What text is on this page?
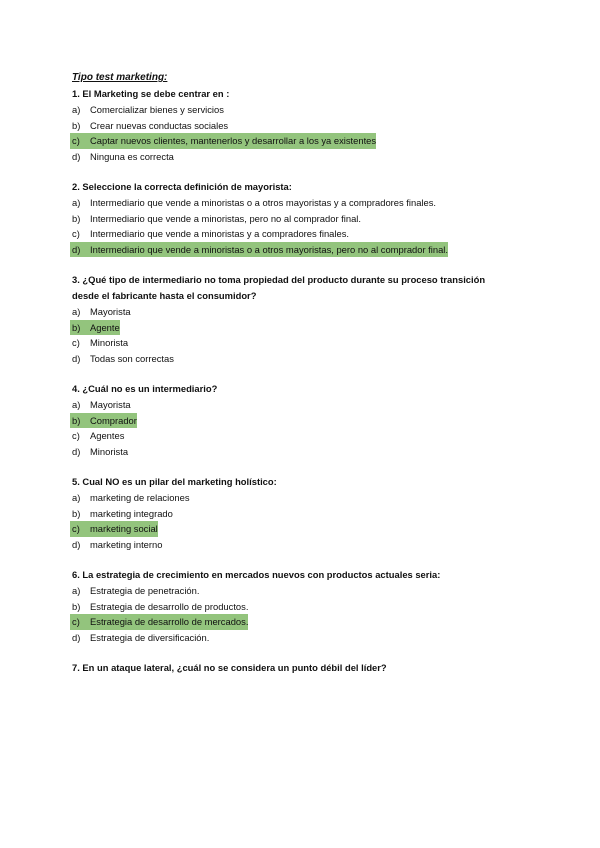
Tipo test marketing:

1. El Marketing se debe centrar en :

a) Comercializar bienes y servicios
b) Crear nuevas conductas sociales
c)	Captar nuevos clientes, mantenerlos y desarrollar a los ya existentes
d) Ninguna es correcta

2. Seleccione la correcta definición de mayorista:

a) Intermediario que vende a minoristas o a otros mayoristas y a compradores finales.
b) Intermediario que vende a minoristas, pero no al comprador final.
c) Intermediario que vende a minoristas y a compradores finales.
d)	Intermediario que vende a minoristas o a otros mayoristas, pero no al comprador final.

3. ¿Qué tipo de intermediario no toma propiedad del producto durante su proceso transición

desde el fabricante hasta el consumidor?

a) Mayorista
b)	Agente
c) Minorista
d) Todas son correctas

4. ¿Cuál no es un intermediario?

a) Mayorista
b)	Comprador
c) Agentes
d) Minorista

5. Cual NO es un pilar del marketing holístico:

a) marketing de relaciones
b) marketing integrado
c)	marketing social
d) marketing interno

6. La estrategia de crecimiento en mercados nuevos con productos actuales seria:

a) Estrategia de penetración.
b) Estrategia de desarrollo de productos.
c)	Estrategia de desarrollo de mercados.
d) Estrategia de diversificación.

7. En un ataque lateral, ¿cuál no se considera un punto débil del líder?
